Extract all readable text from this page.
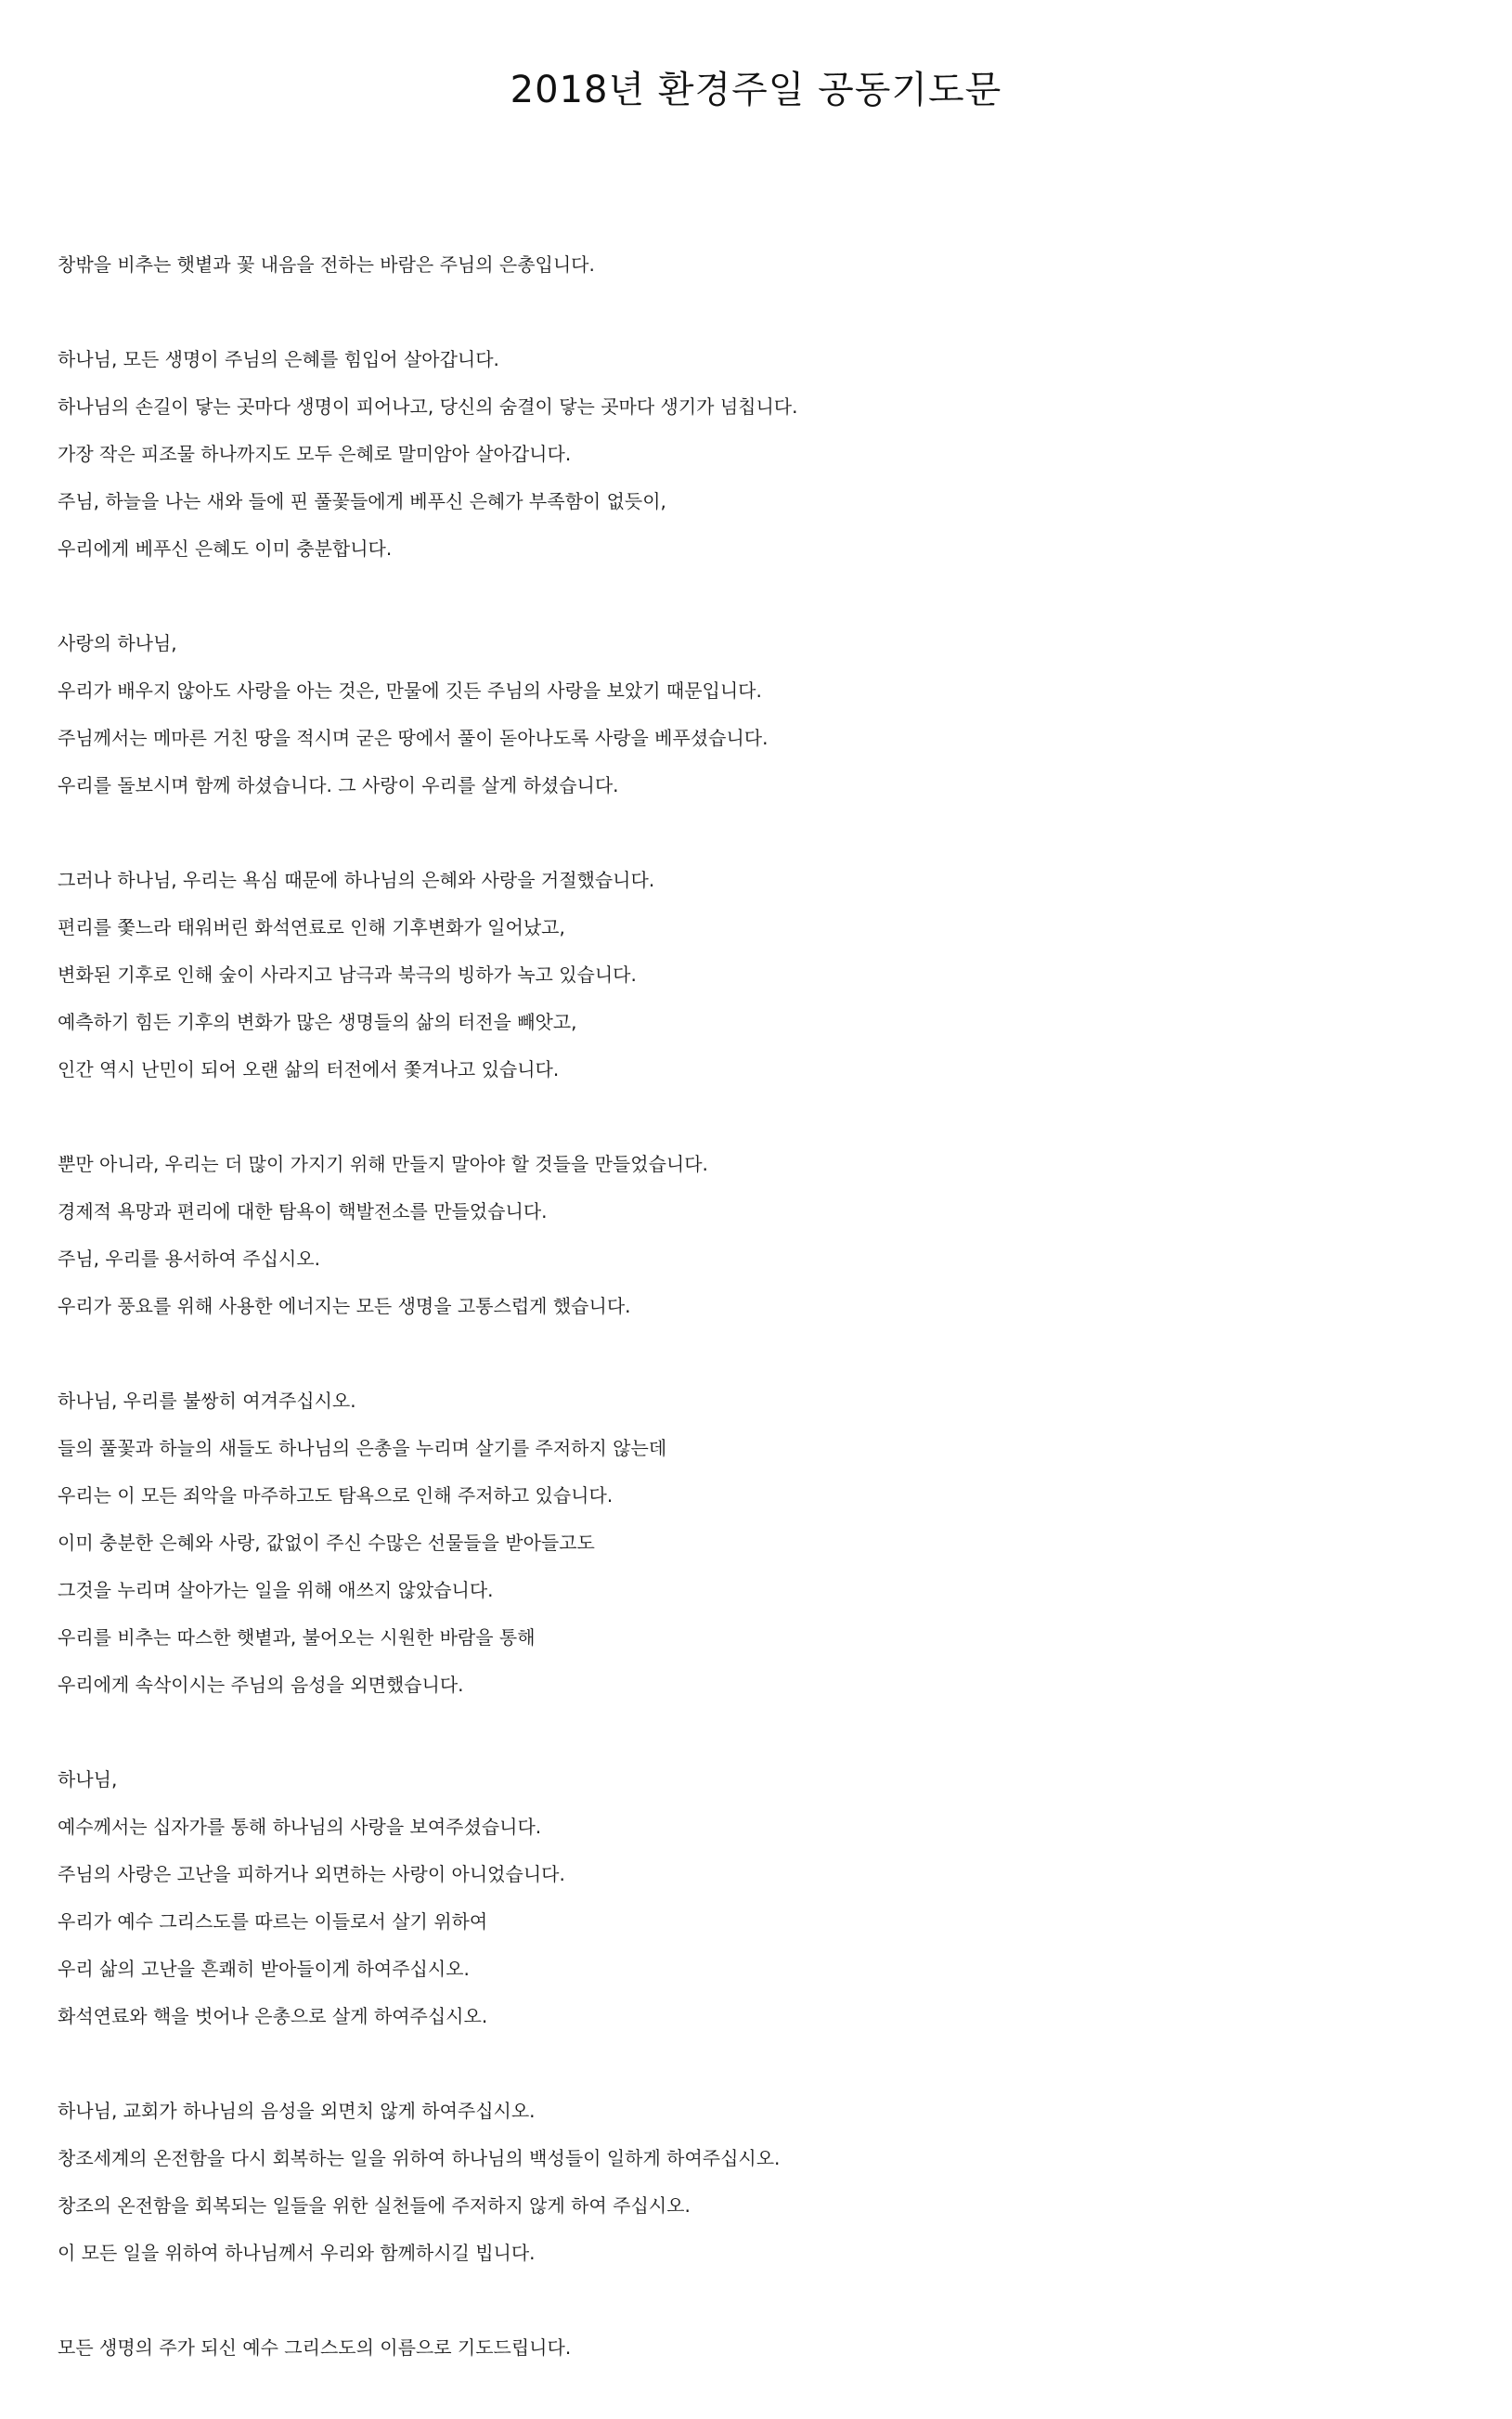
2018년 환경주일 공동기도문
창밖을 비추는 햇볕과 꽃 내음을 전하는 바람은 주님의 은총입니다.
하나님, 모든 생명이 주님의 은혜를 힘입어 살아갑니다.
하나님의 손길이 닿는 곳마다 생명이 피어나고, 당신의 숨결이 닿는 곳마다 생기가 넘칩니다.
가장 작은 피조물 하나까지도 모두 은혜로 말미암아 살아갑니다.
주님, 하늘을 나는 새와 들에 핀 풀꽃들에게 베푸신 은혜가 부족함이 없듯이,
우리에게 베푸신 은혜도 이미 충분합니다.
사랑의 하나님,
우리가 배우지 않아도 사랑을 아는 것은, 만물에 깃든 주님의 사랑을 보았기 때문입니다.
주님께서는 메마른 거친 땅을 적시며 굳은 땅에서 풀이 돋아나도록 사랑을 베푸셨습니다.
우리를 돌보시며 함께 하셨습니다. 그 사랑이 우리를 살게 하셨습니다.
그러나 하나님, 우리는 욕심 때문에 하나님의 은혜와 사랑을 거절했습니다.
편리를 쫓느라 태워버린 화석연료로 인해 기후변화가 일어났고,
변화된 기후로 인해 숲이 사라지고 남극과 북극의 빙하가 녹고 있습니다.
예측하기 힘든 기후의 변화가 많은 생명들의 삶의 터전을 빼앗고,
인간 역시 난민이 되어 오랜 삶의 터전에서 쫓겨나고 있습니다.
뿐만 아니라, 우리는 더 많이 가지기 위해 만들지 말아야 할 것들을 만들었습니다.
경제적 욕망과 편리에 대한 탐욕이 핵발전소를 만들었습니다.
주님, 우리를 용서하여 주십시오.
우리가 풍요를 위해 사용한 에너지는 모든 생명을 고통스럽게 했습니다.
하나님, 우리를 불쌍히 여겨주십시오.
들의 풀꽃과 하늘의 새들도 하나님의 은총을 누리며 살기를 주저하지 않는데
우리는 이 모든 죄악을 마주하고도 탐욕으로 인해 주저하고 있습니다.
이미 충분한 은혜와 사랑, 값없이 주신 수많은 선물들을 받아들고도
그것을 누리며 살아가는 일을 위해 애쓰지 않았습니다.
우리를 비추는 따스한 햇볕과, 불어오는 시원한 바람을 통해
우리에게 속삭이시는 주님의 음성을 외면했습니다.
하나님,
예수께서는 십자가를 통해 하나님의 사랑을 보여주셨습니다.
주님의 사랑은 고난을 피하거나 외면하는 사랑이 아니었습니다.
우리가 예수 그리스도를 따르는 이들로서 살기 위하여
우리 삶의 고난을 흔쾌히 받아들이게 하여주십시오.
화석연료와 핵을 벗어나 은총으로 살게 하여주십시오.
하나님, 교회가 하나님의 음성을 외면치 않게 하여주십시오.
창조세계의 온전함을 다시 회복하는 일을 위하여 하나님의 백성들이 일하게 하여주십시오.
창조의 온전함을 회복되는 일들을 위한 실천들에 주저하지 않게 하여 주십시오.
이 모든 일을 위하여 하나님께서 우리와 함께하시길 빕니다.
모든 생명의 주가 되신 예수 그리스도의 이름으로 기도드립니다.
